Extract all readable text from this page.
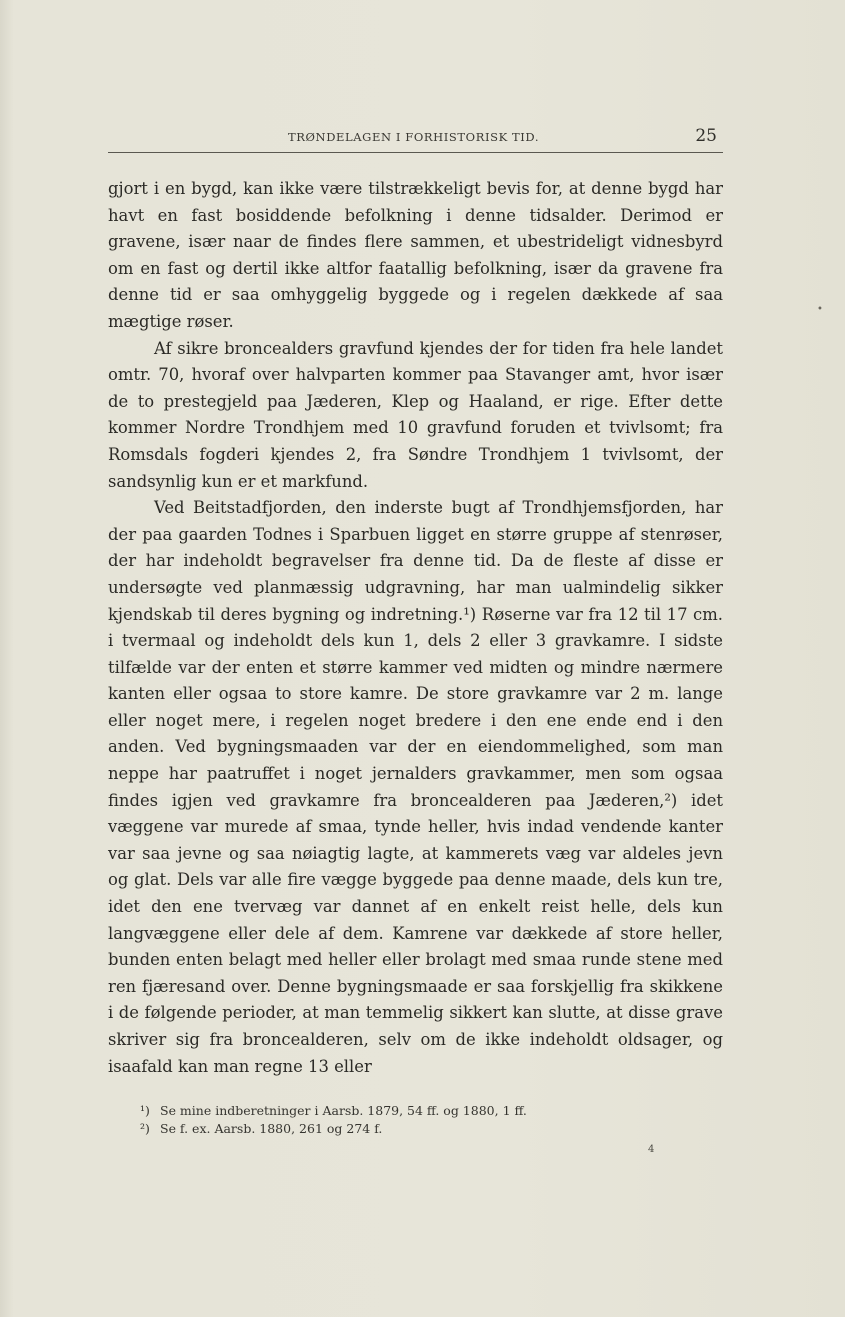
TRØNDELAGEN I FORHISTORISK TID.	25

gjort i en bygd, kan ikke være tilstrækkeligt bevis for, at denne bygd har havt en fast bosiddende befolkning i denne tidsalder. Derimod er gravene, især naar de findes flere sammen, et ubestrideligt vidnesbyrd om en fast og dertil ikke altfor faatallig befolkning, især da gravene fra denne tid er saa omhyggelig byggede og i regelen dækkede af saa mægtige røser.

Af sikre broncealders gravfund kjendes der for tiden fra hele landet omtr. 70, hvoraf over halvparten kommer paa Stavanger amt, hvor især de to prestegjeld paa Jæderen, Klep og Haaland, er rige. Efter dette kommer Nordre Trondhjem med 10 gravfund foruden et tvivlsomt; fra Romsdals fogderi kjendes 2, fra Søndre Trondhjem 1 tvivlsomt, der sandsynlig kun er et markfund.

Ved Beitstadfjorden, den inderste bugt af Trondhjemsfjorden, har der paa gaarden Todnes i Sparbuen ligget en større gruppe af stenrøser, der har indeholdt begravelser fra denne tid. Da de fleste af disse er undersøgte ved planmæssig udgravning, har man ualmindelig sikker kjendskab til deres bygning og indretning.¹) Røserne var fra 12 til 17 cm. i tvermaal og indeholdt dels kun 1, dels 2 eller 3 gravkamre. I sidste tilfælde var der enten et større kammer ved midten og mindre nærmere kanten eller ogsaa to store kamre. De store gravkamre var 2 m. lange eller noget mere, i regelen noget bredere i den ene ende end i den anden. Ved bygningsmaaden var der en eiendommelighed, som man neppe har paatruffet i noget jernalders gravkammer, men som ogsaa findes igjen ved gravkamre fra broncealderen paa Jæderen,²) idet væggene var murede af smaa, tynde heller, hvis indad vendende kanter var saa jevne og saa nøiagtig lagte, at kammerets væg var aldeles jevn og glat. Dels var alle fire vægge byggede paa denne maade, dels kun tre, idet den ene tvervæg var dannet af en enkelt reist helle, dels kun langvæggene eller dele af dem. Kamrene var dækkede af store heller, bunden enten belagt med heller eller brolagt med smaa runde stene med ren fjæresand over. Denne bygningsmaade er saa forskjellig fra skikkene i de følgende perioder, at man temmelig sikkert kan slutte, at disse grave skriver sig fra broncealderen, selv om de ikke indeholdt oldsager, og isaafald kan man regne 13 eller

¹) Se mine indberetninger i Aarsb. 1879, 54 ff. og 1880, 1 ff.
²) Se f. ex. Aarsb. 1880, 261 og 274 f.
4
•
